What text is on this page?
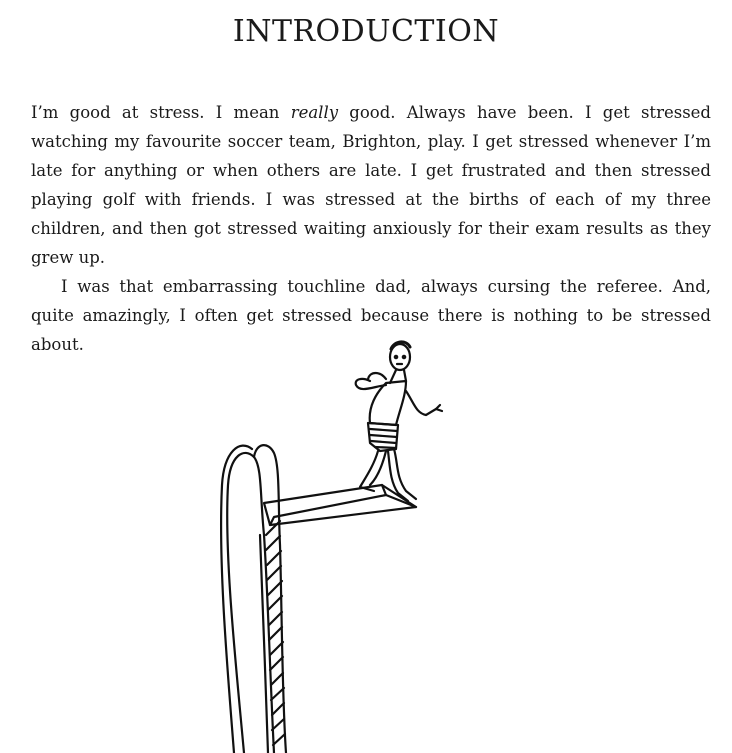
INTRODUCTION

I’m good at stress. I mean really good. Always have been. I get stressed watching my favourite soccer team, Brighton, play. I get stressed whenever I’m late for anything or when others are late. I get frustrated and then stressed playing golf with friends. I was stressed at the births of each of my three children, and then got stressed waiting anxiously for their exam results as they grew up.

I was that embarrassing touchline dad, always cursing the referee. And, quite amazingly, I often get stressed because there is nothing to be stressed about.
